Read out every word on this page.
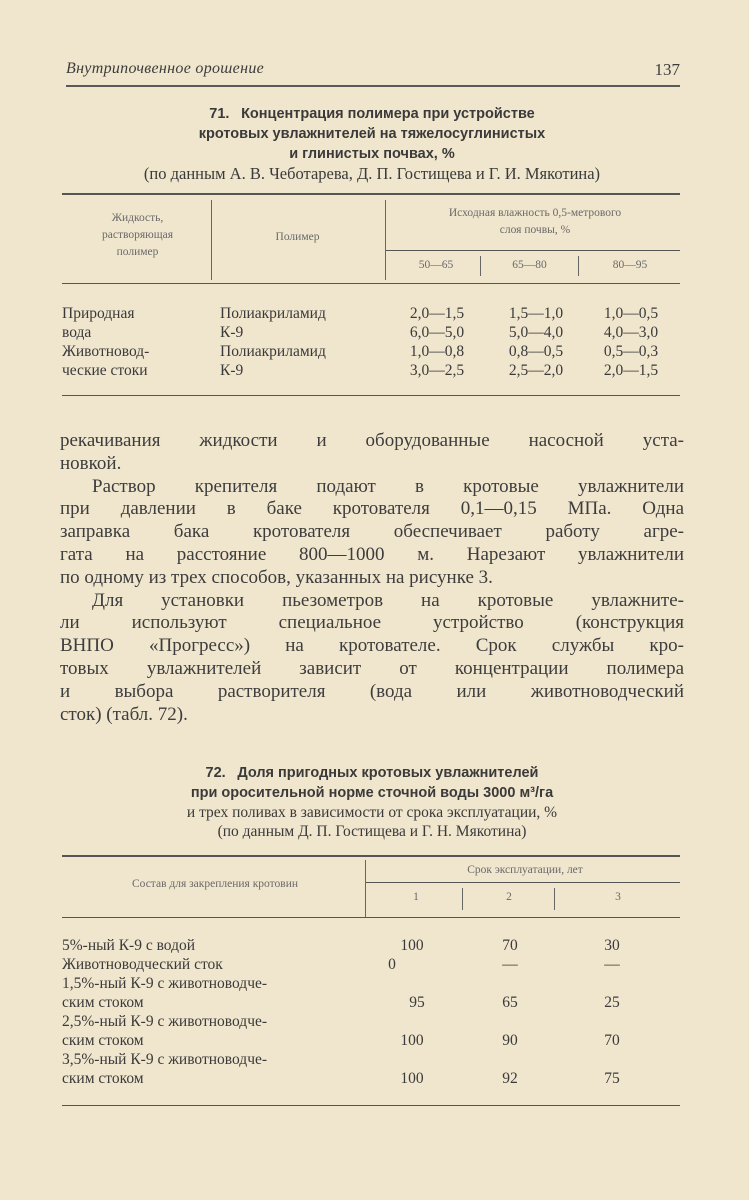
Внутрипочвенное орошение	137
71. Концентрация полимера при устройстве
кротовых увлажнителей на тяжелосуглинистых
и глинистых почвах, %
(по данным А. В. Чеботарева, Д. П. Гостищева и Г. И. Мякотина)
Жидкость,
растворяющая
полимер
Полимер
Исходная влажность 0,5-метрового
слоя почвы, %
50—65	65—80	80—95
Природная	Полиакриламид	2,0—1,5	1,5—1,0	1,0—0,5
вода	К-9	6,0—5,0	5,0—4,0	4,0—3,0
Животновод-	Полиакриламид	1,0—0,8	0,8—0,5	0,5—0,3
ческие стоки	К-9	3,0—2,5	2,5—2,0	2,0—1,5
рекачивания жидкости и оборудованные насосной уста-
новкой.
Раствор крепителя подают в кротовые увлажнители
при давлении в баке кротователя 0,1—0,15 МПа. Одна
заправка бака кротователя обеспечивает работу агре-
гата на расстояние 800—1000 м. Нарезают увлажнители
по одному из трех способов, указанных на рисунке 3.
Для установки пьезометров на кротовые увлажните-
ли используют специальное устройство (конструкция
ВНПО «Прогресс») на кротователе. Срок службы кро-
товых увлажнителей зависит от концентрации полимера
и выбора растворителя (вода или животноводческий
сток) (табл. 72).
72. Доля пригодных кротовых увлажнителей
при оросительной норме сточной воды 3000 м³/га
и трех поливах в зависимости от срока эксплуатации, %
(по данным Д. П. Гостищева и Г. Н. Мякотина)
Состав для закрепления кротовин
Срок эксплуатации, лет
1	2	3
5%-ный К-9 с водой	100	70	30
Животноводческий сток	0	—	—
1,5%-ный К-9 с животноводче-
ским стоком	95	65	25
2,5%-ный К-9 с животноводче-
ским стоком	100	90	70
3,5%-ный К-9 с животноводче-
ским стоком	100	92	75
